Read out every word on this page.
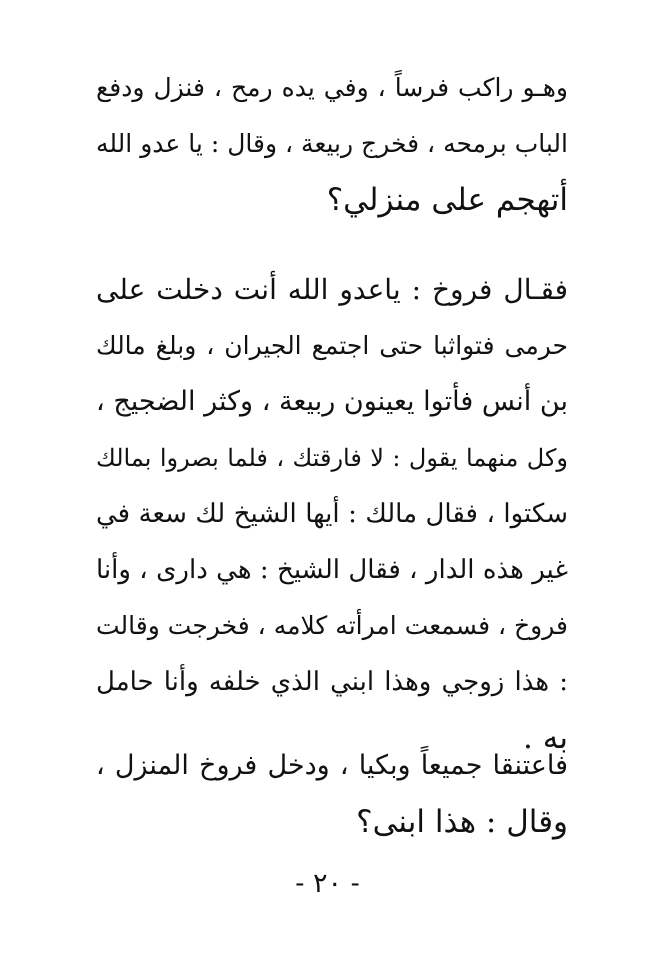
وهـو راكب فرساً ، وفي يده رمح ، فنزل ودفع
الباب برمحه ، فخرج ربيعة ، وقال : يا عدو الله
أتهجم على منزلي؟
فقـال فروخ : ياعدو الله أنت دخلت على
حرمى فتواثبا حتى اجتمع الجيران ، وبلغ مالك
بن أنس فأتوا يعينون ربيعة ، وكثر الضجيج ،
وكل منهما يقول : لا فارقتك ، فلما بصروا بمالك
سكتوا ، فقال مالك : أيها الشيخ لك سعة في
غير هذه الدار ، فقال الشيخ : هي دارى ، وأنا
فروخ ، فسمعت امرأته كلامه ، فخرجت وقالت
: هذا زوجي وهذا ابني الذي خلفه وأنا حامل
به .
فاعتنقا جميعاً وبكيا ، ودخل فروخ المنزل ،
وقال : هذا ابنى؟
- ٢٠ -
